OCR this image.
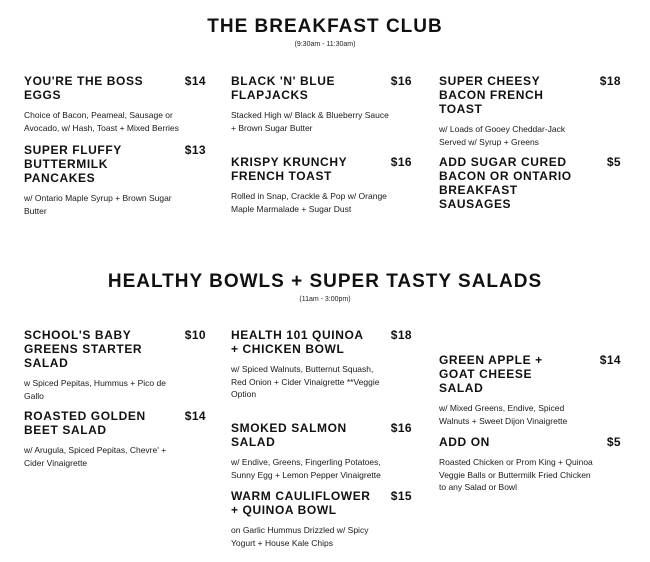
THE BREAKFAST CLUB
(9:30am - 11:30am)
YOU'RE THE BOSS EGGS
$14
Choice of Bacon, Peameal, Sausage or Avocado, w/ Hash, Toast + Mixed Berries
SUPER FLUFFY BUTTERMILK PANCAKES
$13
w/ Ontario Maple Syrup + Brown Sugar Butter
BLACK 'N' BLUE FLAPJACKS
$16
Stacked High w/ Black & Blueberry Sauce + Brown Sugar Butter
KRISPY KRUNCHY FRENCH TOAST
$16
Rolled in Snap, Crackle & Pop w/ Orange Maple Marmalade + Sugar Dust
SUPER CHEESY BACON FRENCH TOAST
$18
w/ Loads of Gooey Cheddar-Jack Served w/ Syrup + Greens
ADD SUGAR CURED BACON OR ONTARIO BREAKFAST SAUSAGES
$5
HEALTHY BOWLS + SUPER TASTY SALADS
(11am - 3:00pm)
SCHOOL'S BABY GREENS STARTER SALAD
$10
w Spiced Pepitas, Hummus + Pico de Gallo
ROASTED GOLDEN BEET SALAD
$14
w/ Arugula, Spiced Pepitas, Chevre' + Cider Vinaigrette
HEALTH 101 QUINOA + CHICKEN BOWL
$18
w/ Spiced Walnuts, Butternut Squash, Red Onion + Cider Vinaigrette **Veggie Option
SMOKED SALMON SALAD
$16
w/ Endive, Greens, Fingerling Potatoes, Sunny Egg + Lemon Pepper Vinaigrette
WARM CAULIFLOWER + QUINOA BOWL
$15
on Garlic Hummus Drizzled w/ Spicy Yogurt + House Kale Chips
GREEN APPLE + GOAT CHEESE SALAD
$14
w/ Mixed Greens, Endive, Spiced Walnuts + Sweet Dijon Vinaigrette
ADD ON	$5
Roasted Chicken or Prom King + Quinoa Veggie Balls or Buttermilk Fried Chicken to any Salad or Bowl
